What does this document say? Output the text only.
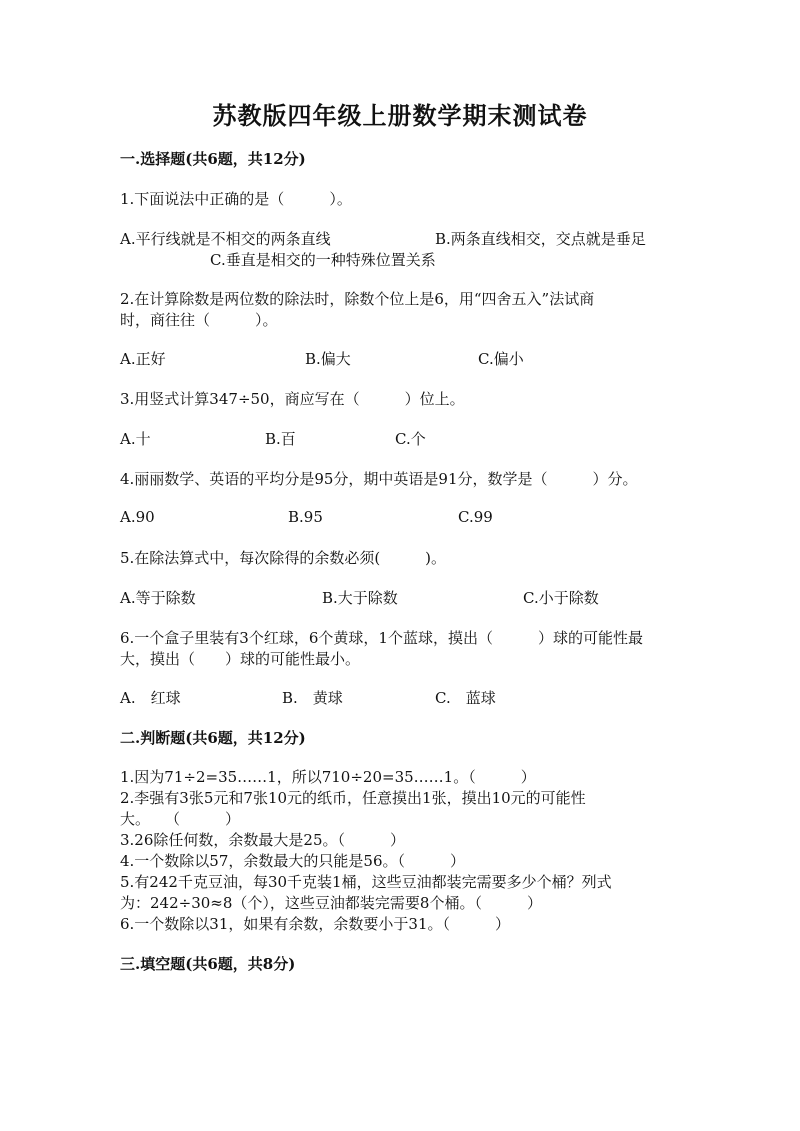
苏教版四年级上册数学期末测试卷
一.选择题(共6题，共12分)
1.下面说法中正确的是（　　　）。
A.平行线就是不相交的两条直线	B.两条直线相交，交点就是垂足
C.垂直是相交的一种特殊位置关系
2.在计算除数是两位数的除法时，除数个位上是6，用“四舍五入”法试商
时，商往往（　　　）。
A.正好	B.偏大	C.偏小
3.用竖式计算347÷50，商应写在（　　　）位上。
A.十	B.百	C.个
4.丽丽数学、英语的平均分是95分，期中英语是91分，数学是（　　　）分。
A.90	B.95	C.99
5.在除法算式中，每次除得的余数必须(　　　)。
A.等于除数	B.大于除数	C.小于除数
6.一个盒子里装有3个红球，6个黄球，1个蓝球，摸出（　　　）球的可能性最
大，摸出（　　）球的可能性最小。
A.　红球	B.　黄球	C.　蓝球
二.判断题(共6题，共12分)
1.因为71÷2=35……1，所以710÷20=35……1。（　　　）
2.李强有3张5元和7张10元的纸币，任意摸出1张，摸出10元的可能性
大。　　（　　　）
3.26除任何数，余数最大是25。（　　　）
4.一个数除以57，余数最大的只能是56。（　　　）
5.有242千克豆油，每30千克装1桶，这些豆油都装完需要多少个桶？列式
为：242÷30≈8（个），这些豆油都装完需要8个桶。（　　　）
6.一个数除以31，如果有余数，余数要小于31。（　　　）
三.填空题(共6题，共8分)
